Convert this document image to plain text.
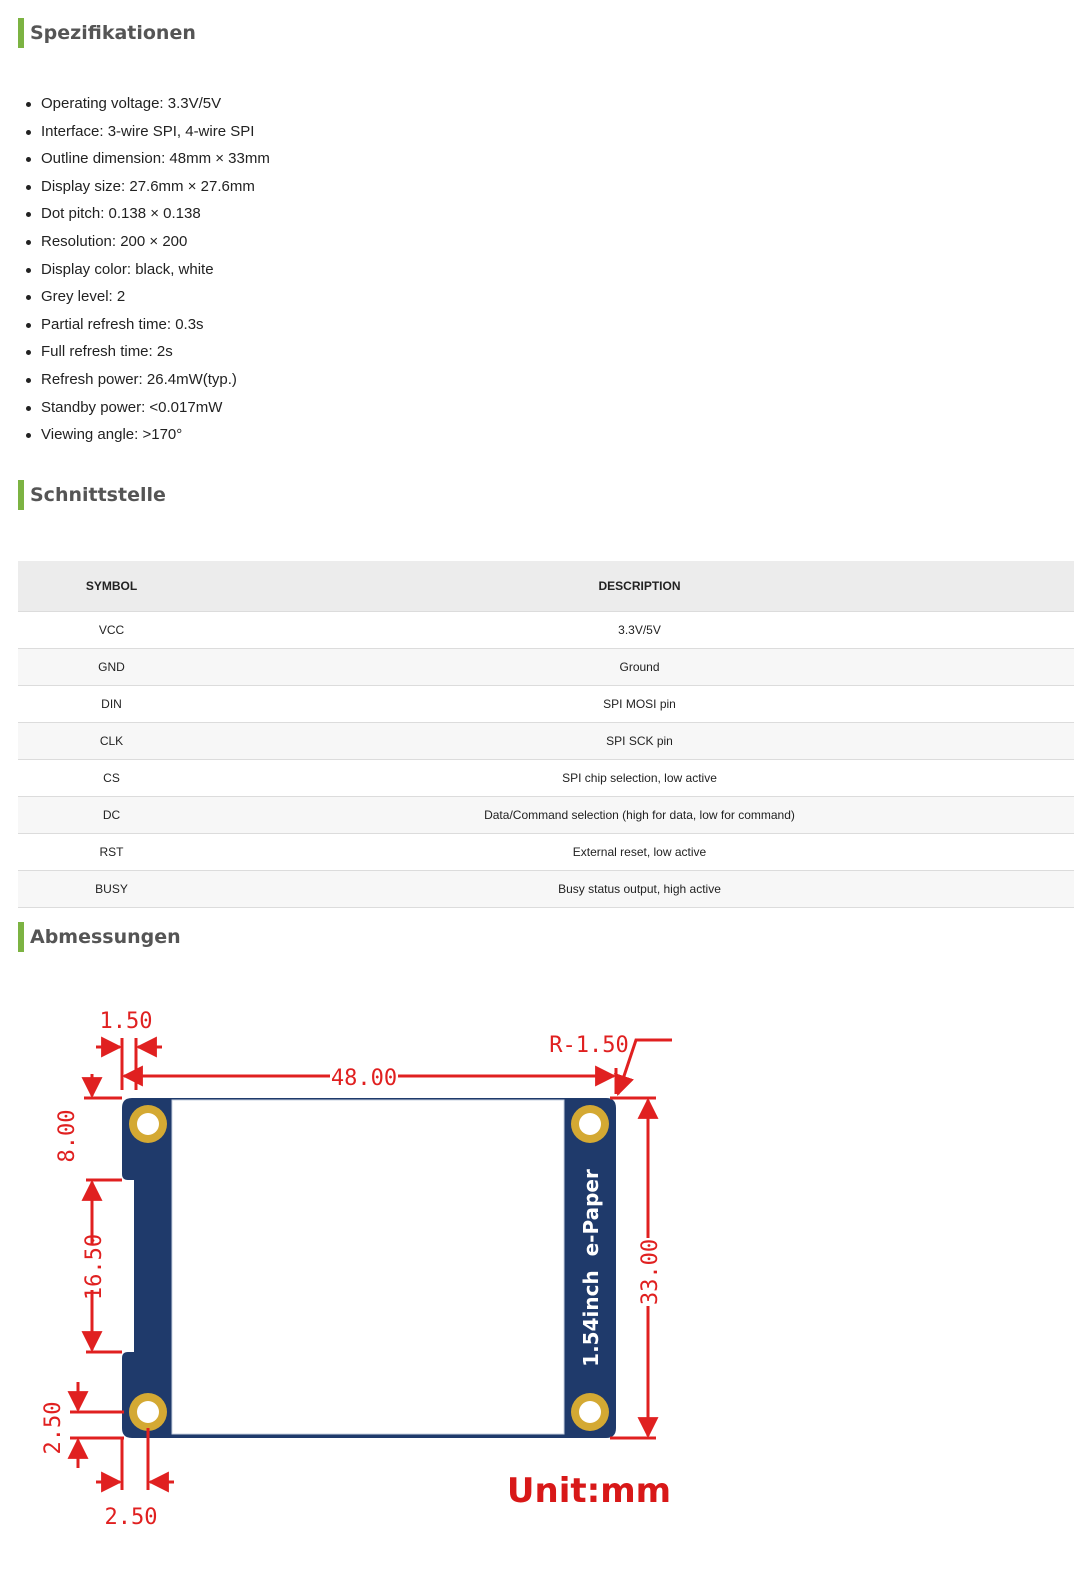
Spezifikationen
Operating voltage: 3.3V/5V
Interface: 3-wire SPI, 4-wire SPI
Outline dimension: 48mm × 33mm
Display size: 27.6mm × 27.6mm
Dot pitch: 0.138 × 0.138
Resolution: 200 × 200
Display color: black, white
Grey level: 2
Partial refresh time: 0.3s
Full refresh time: 2s
Refresh power: 26.4mW(typ.)
Standby power: <0.017mW
Viewing angle: >170°
Schnittstelle
SYMBOL	DESCRIPTION
VCC	3.3V/5V
GND	Ground
DIN	SPI MOSI pin
CLK	SPI SCK pin
CS	SPI chip selection, low active
DC	Data/Command selection (high for data, low for command)
RST	External reset, low active
BUSY	Busy status output, high active
Abmessungen
1.54inch  e-Paper
1.50
R-1.50
48.00
8.00
16.50
2.50
2.50
33.00
Unit:mm
